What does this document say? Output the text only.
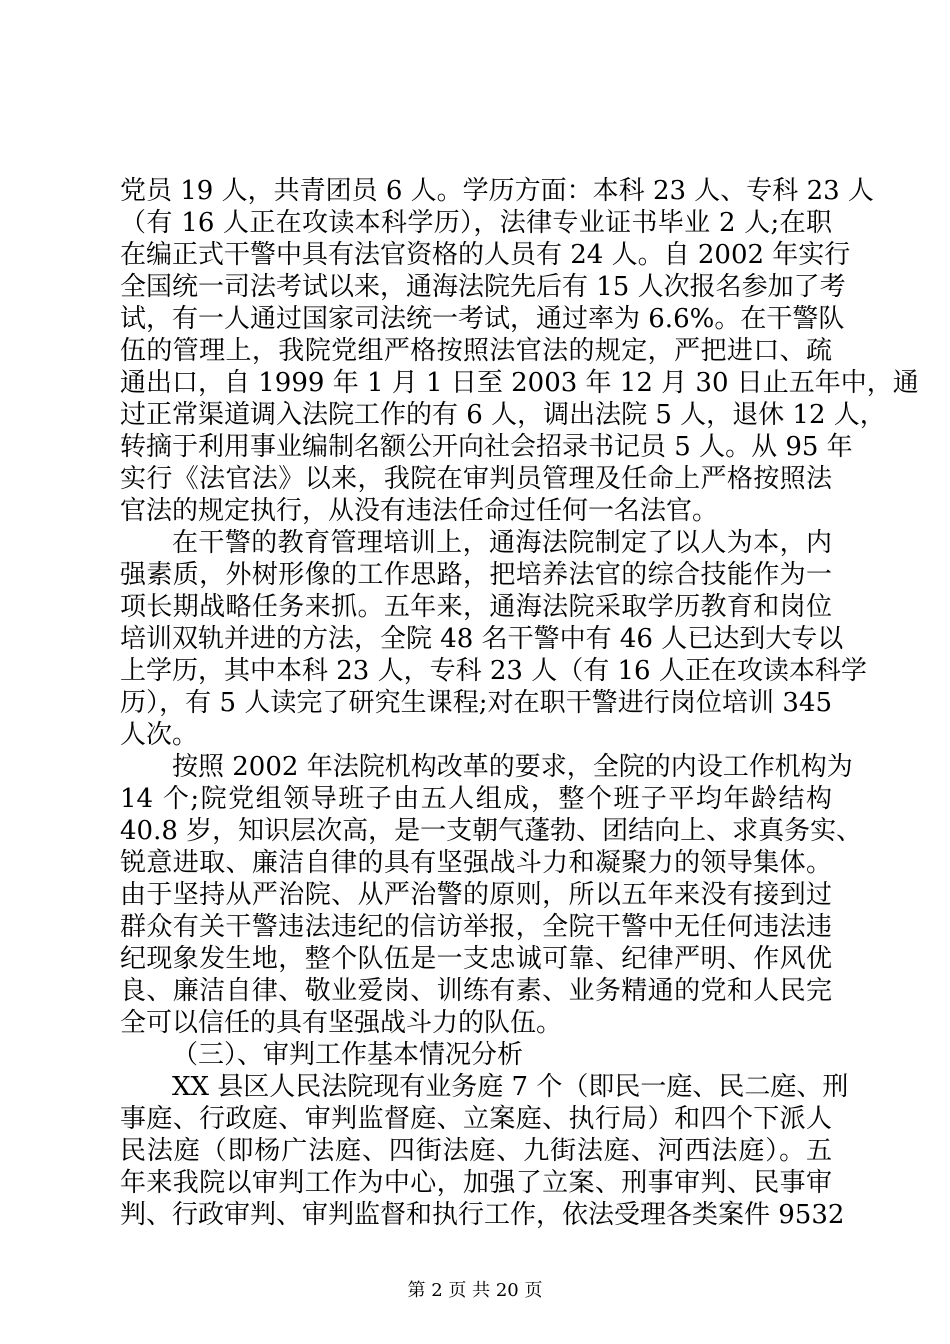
党员 19 人，共青团员 6 人。学历方面：本科 23 人、专科 23 人
（有 16 人正在攻读本科学历），法律专业证书毕业 2 人;在职
在编正式干警中具有法官资格的人员有 24 人。自 2002 年实行
全国统一司法考试以来，通海法院先后有 15 人次报名参加了考
试，有一人通过国家司法统一考试，通过率为 6.6%。在干警队
伍的管理上，我院党组严格按照法官法的规定，严把进口、疏
通出口，自 1999 年 1 月 1 日至 2003 年 12 月 30 日止五年中，通
过正常渠道调入法院工作的有 6 人，调出法院 5 人，退休 12 人，
转摘于利用事业编制名额公开向社会招录书记员 5 人。从 95 年
实行《法官法》以来，我院在审判员管理及任命上严格按照法
官法的规定执行，从没有违法任命过任何一名法官。
在干警的教育管理培训上，通海法院制定了以人为本，内
强素质，外树形像的工作思路，把培养法官的综合技能作为一
项长期战略任务来抓。五年来，通海法院采取学历教育和岗位
培训双轨并进的方法，全院 48 名干警中有 46 人已达到大专以
上学历，其中本科 23 人，专科 23 人（有 16 人正在攻读本科学
历），有 5 人读完了研究生课程;对在职干警进行岗位培训 345
人次。
按照 2002 年法院机构改革的要求，全院的内设工作机构为
14 个;院党组领导班子由五人组成，整个班子平均年龄结构
40.8 岁，知识层次高，是一支朝气蓬勃、团结向上、求真务实、
锐意进取、廉洁自律的具有坚强战斗力和凝聚力的领导集体。
由于坚持从严治院、从严治警的原则，所以五年来没有接到过
群众有关干警违法违纪的信访举报，全院干警中无任何违法违
纪现象发生地，整个队伍是一支忠诚可靠、纪律严明、作风优
良、廉洁自律、敬业爱岗、训练有素、业务精通的党和人民完
全可以信任的具有坚强战斗力的队伍。
（三）、审判工作基本情况分析
XX 县区人民法院现有业务庭 7 个（即民一庭、民二庭、刑
事庭、行政庭、审判监督庭、立案庭、执行局）和四个下派人
民法庭（即杨广法庭、四街法庭、九街法庭、河西法庭）。五
年来我院以审判工作为中心，加强了立案、刑事审判、民事审
判、行政审判、审判监督和执行工作，依法受理各类案件 9532
第 2 页 共 20 页
